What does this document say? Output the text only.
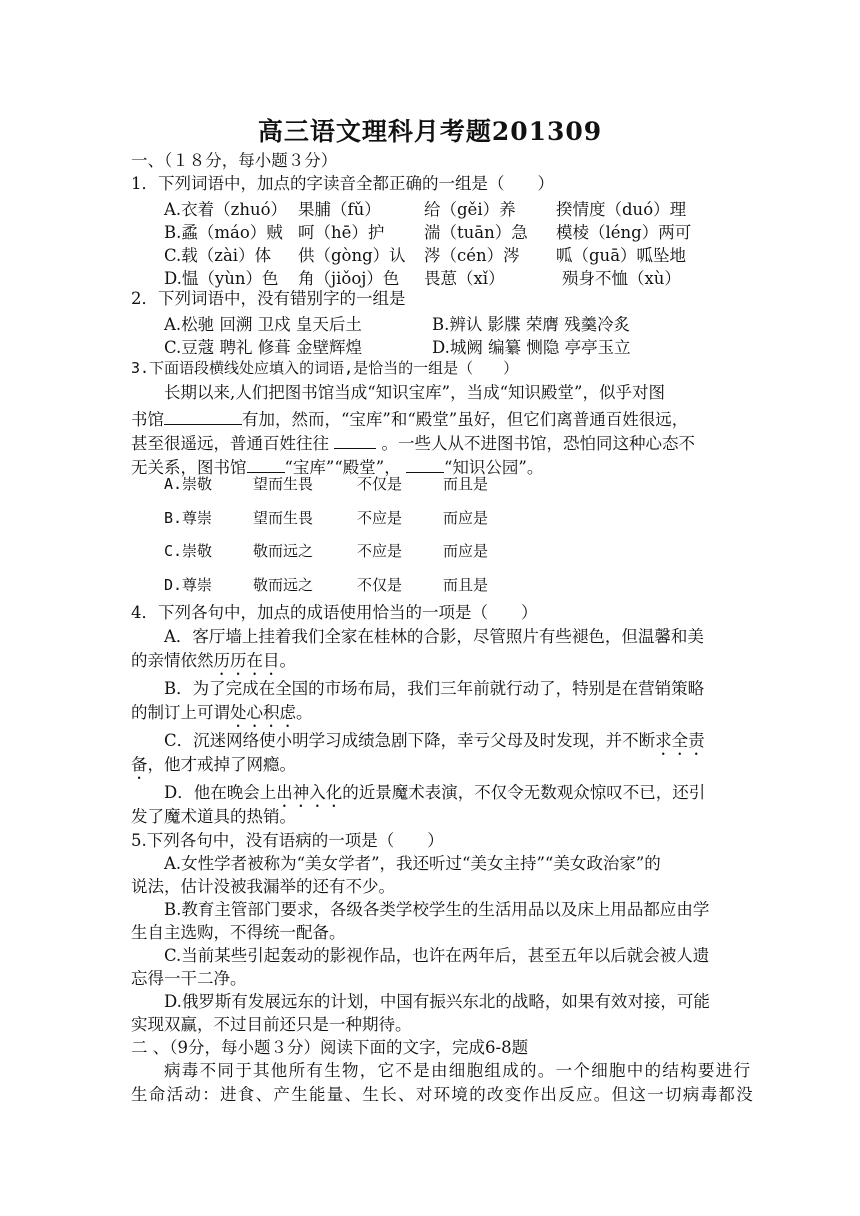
高三语文理科月考题201309
一、（１８分，每小题３分）
1．下列词语中，加点的字读音全都正确的一组是（　　）
A.衣着（zhuó） 果脯（fǔ）	给（gěi）养 揆情度（duó）理
B.蟊（máo）贼 呵（hē）护 湍（tuān）急 模棱（léng）两可
C.载（zài）体 供（gòng）认 涔（cén）涔 呱（guā）呱坠地
D.愠（yùn）色 角（jiǒoj）色 畏葸（xǐ）	殒身不恤（xù）
2．下列词语中，没有错别字的一组是
A.松驰 回溯 卫戍 皇天后土	B.辨认 影牒 荣膺 残羹冷炙
C.豆蔻 聘礼 修葺 金壁辉煌	D.城阙 编纂 恻隐 亭亭玉立
3.下面语段横线处应填入的词语,是恰当的一组是（　　）
长期以来,人们把图书馆当成“知识宝库”，当成“知识殿堂”，似乎对图
书馆	有加，然而，“宝库”和“殿堂”虽好，但它们离普通百姓很远，
甚至很遥远，普通百姓往往	。一些人从不进图书馆，恐怕同这种心态不
无关系，图书馆 “宝库”“殿堂”，	“知识公园”。
A.崇敬	望而生畏	不仅是	而且是
B.尊崇	望而生畏	不应是	而应是
C.崇敬	敬而远之	不应是	而应是
D.尊崇	敬而远之	不仅是	而且是
4．下列各句中，加点的成语使用恰当的一项是（　　）
A．客厅墙上挂着我们全家在桂林的合影，尽管照片有些褪色，但温馨和美
的亲情依然历历在目。
B．为了完成在全国的市场布局，我们三年前就行动了，特别是在营销策略
的制订上可谓处心积虑。
C．沉迷网络使小明学习成绩急剧下降，幸亏父母及时发现，并不断求全责
备，他才戒掉了网瘾。
D．他在晚会上出神入化的近景魔术表演，不仅令无数观众惊叹不已，还引
发了魔术道具的热销。
5.下列各句中，没有语病的一项是（　　）
A.女性学者被称为“美女学者”，我还听过“美女主持”“美女政治家”的
说法，估计没被我漏举的还有不少。
B.教育主管部门要求，各级各类学校学生的生活用品以及床上用品都应由学
生自主选购，不得统一配备。
C.当前某些引起轰动的影视作品，也许在两年后，甚至五年以后就会被人遗
忘得一干二净。
D.俄罗斯有发展远东的计划，中国有振兴东北的战略，如果有效对接，可能
实现双赢，不过目前还只是一种期待。
二 、（9分，每小题３分）阅读下面的文字，完成6-8题
病毒不同于其他所有生物，它不是由细胞组成的。一个细胞中的结构要进行
生命活动：进食、产生能量、生长、对环境的改变作出反应。但这一切病毒都没
